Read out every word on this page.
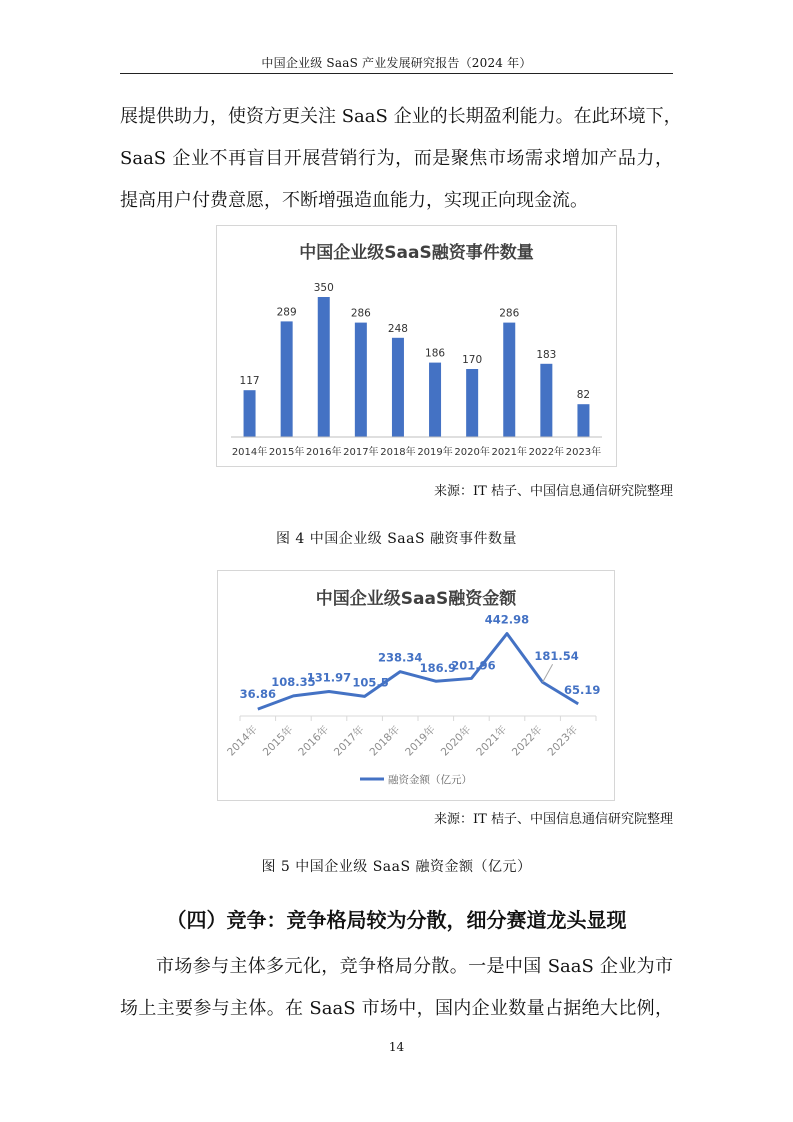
中国企业级 SaaS 产业发展研究报告（2024 年）
展提供助力，使资方更关注 SaaS 企业的长期盈利能力。在此环境下，
SaaS 企业不再盲目开展营销行为，而是聚焦市场需求增加产品力，
提高用户付费意愿，不断增强造血能力，实现正向现金流。
中国企业级SaaS融资事件数量
117
2014年
289
2015年
350
2016年
286
2017年
248
2018年
186
2019年
170
2020年
286
2021年
183
2022年
82
2023年
来源：IT 桔子、中国信息通信研究院整理
图 4 中国企业级 SaaS 融资事件数量
中国企业级SaaS融资金额
36.86
108.35
131.97 105.5
238.34
186.9
201.96
442.98
181.54
65.19
2014年 2015年 2016年 2017年 2018年 2019年 2020年 2021年 2022年 2023年
融资金额（亿元）
来源：IT 桔子、中国信息通信研究院整理
图 5 中国企业级 SaaS 融资金额（亿元）
（四）竞争：竞争格局较为分散，细分赛道龙头显现
市场参与主体多元化，竞争格局分散。一是中国 SaaS 企业为市
场上主要参与主体。在 SaaS 市场中，国内企业数量占据绝大比例，
14
